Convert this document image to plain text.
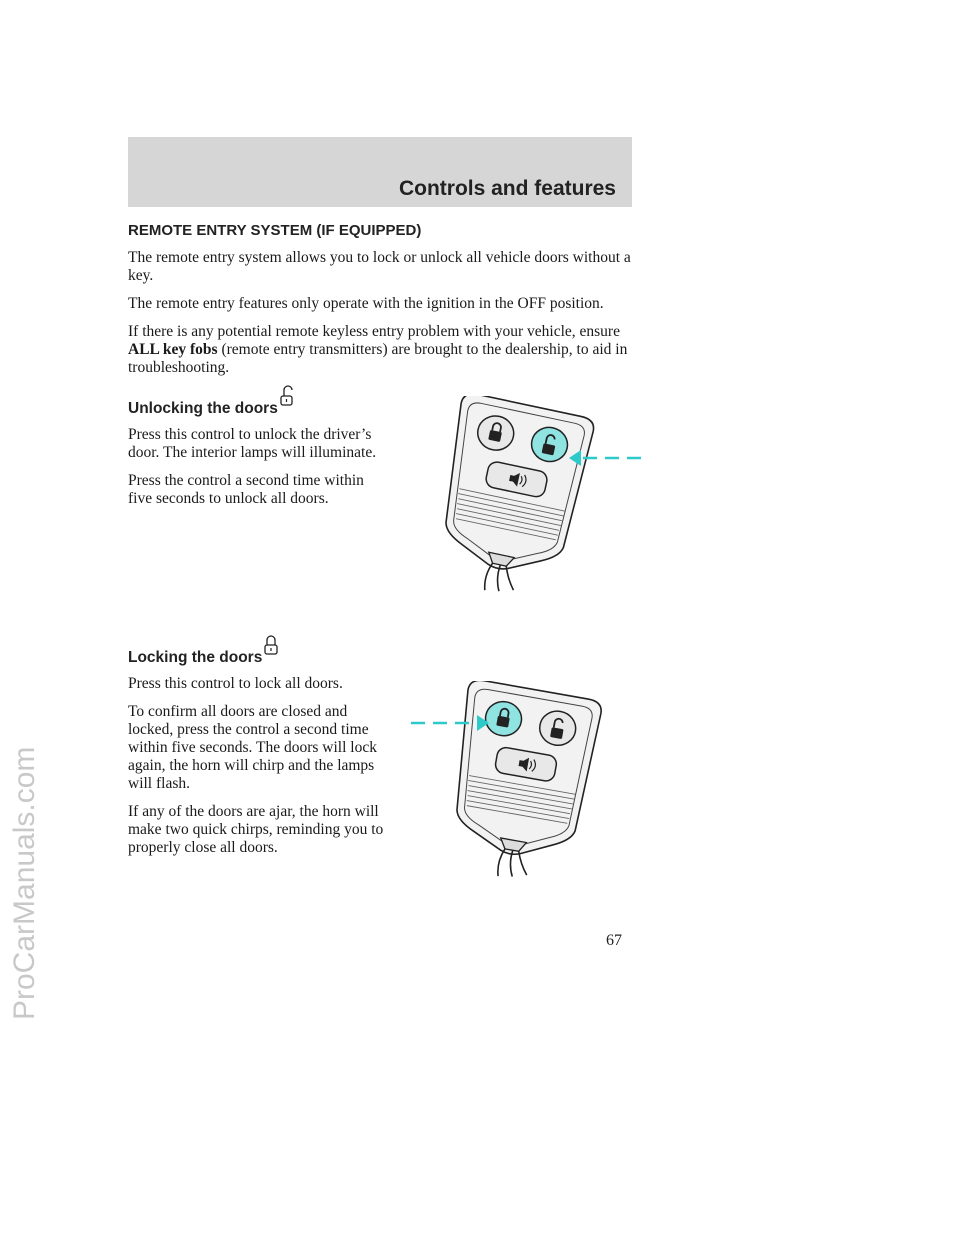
Controls and features
ProCarManuals.com
REMOTE ENTRY SYSTEM (IF EQUIPPED)

The remote entry system allows you to lock or unlock all vehicle doors without a key.

The remote entry features only operate with the ignition in the OFF position.

If there is any potential remote keyless entry problem with your vehicle, ensure ALL key fobs (remote entry transmitters) are brought to the dealership, to aid in troubleshooting.

Unlocking the doors

Press this control to unlock the driver’s door. The interior lamps will illuminate.

Press the control a second time within five seconds to unlock all doors.

Locking the doors

Press this control to lock all doors.

To confirm all doors are closed and locked, press the control a second time within five seconds. The doors will lock again, the horn will chirp and the lamps will flash.

If any of the doors are ajar, the horn will make two quick chirps, reminding you to properly close all doors.

67
